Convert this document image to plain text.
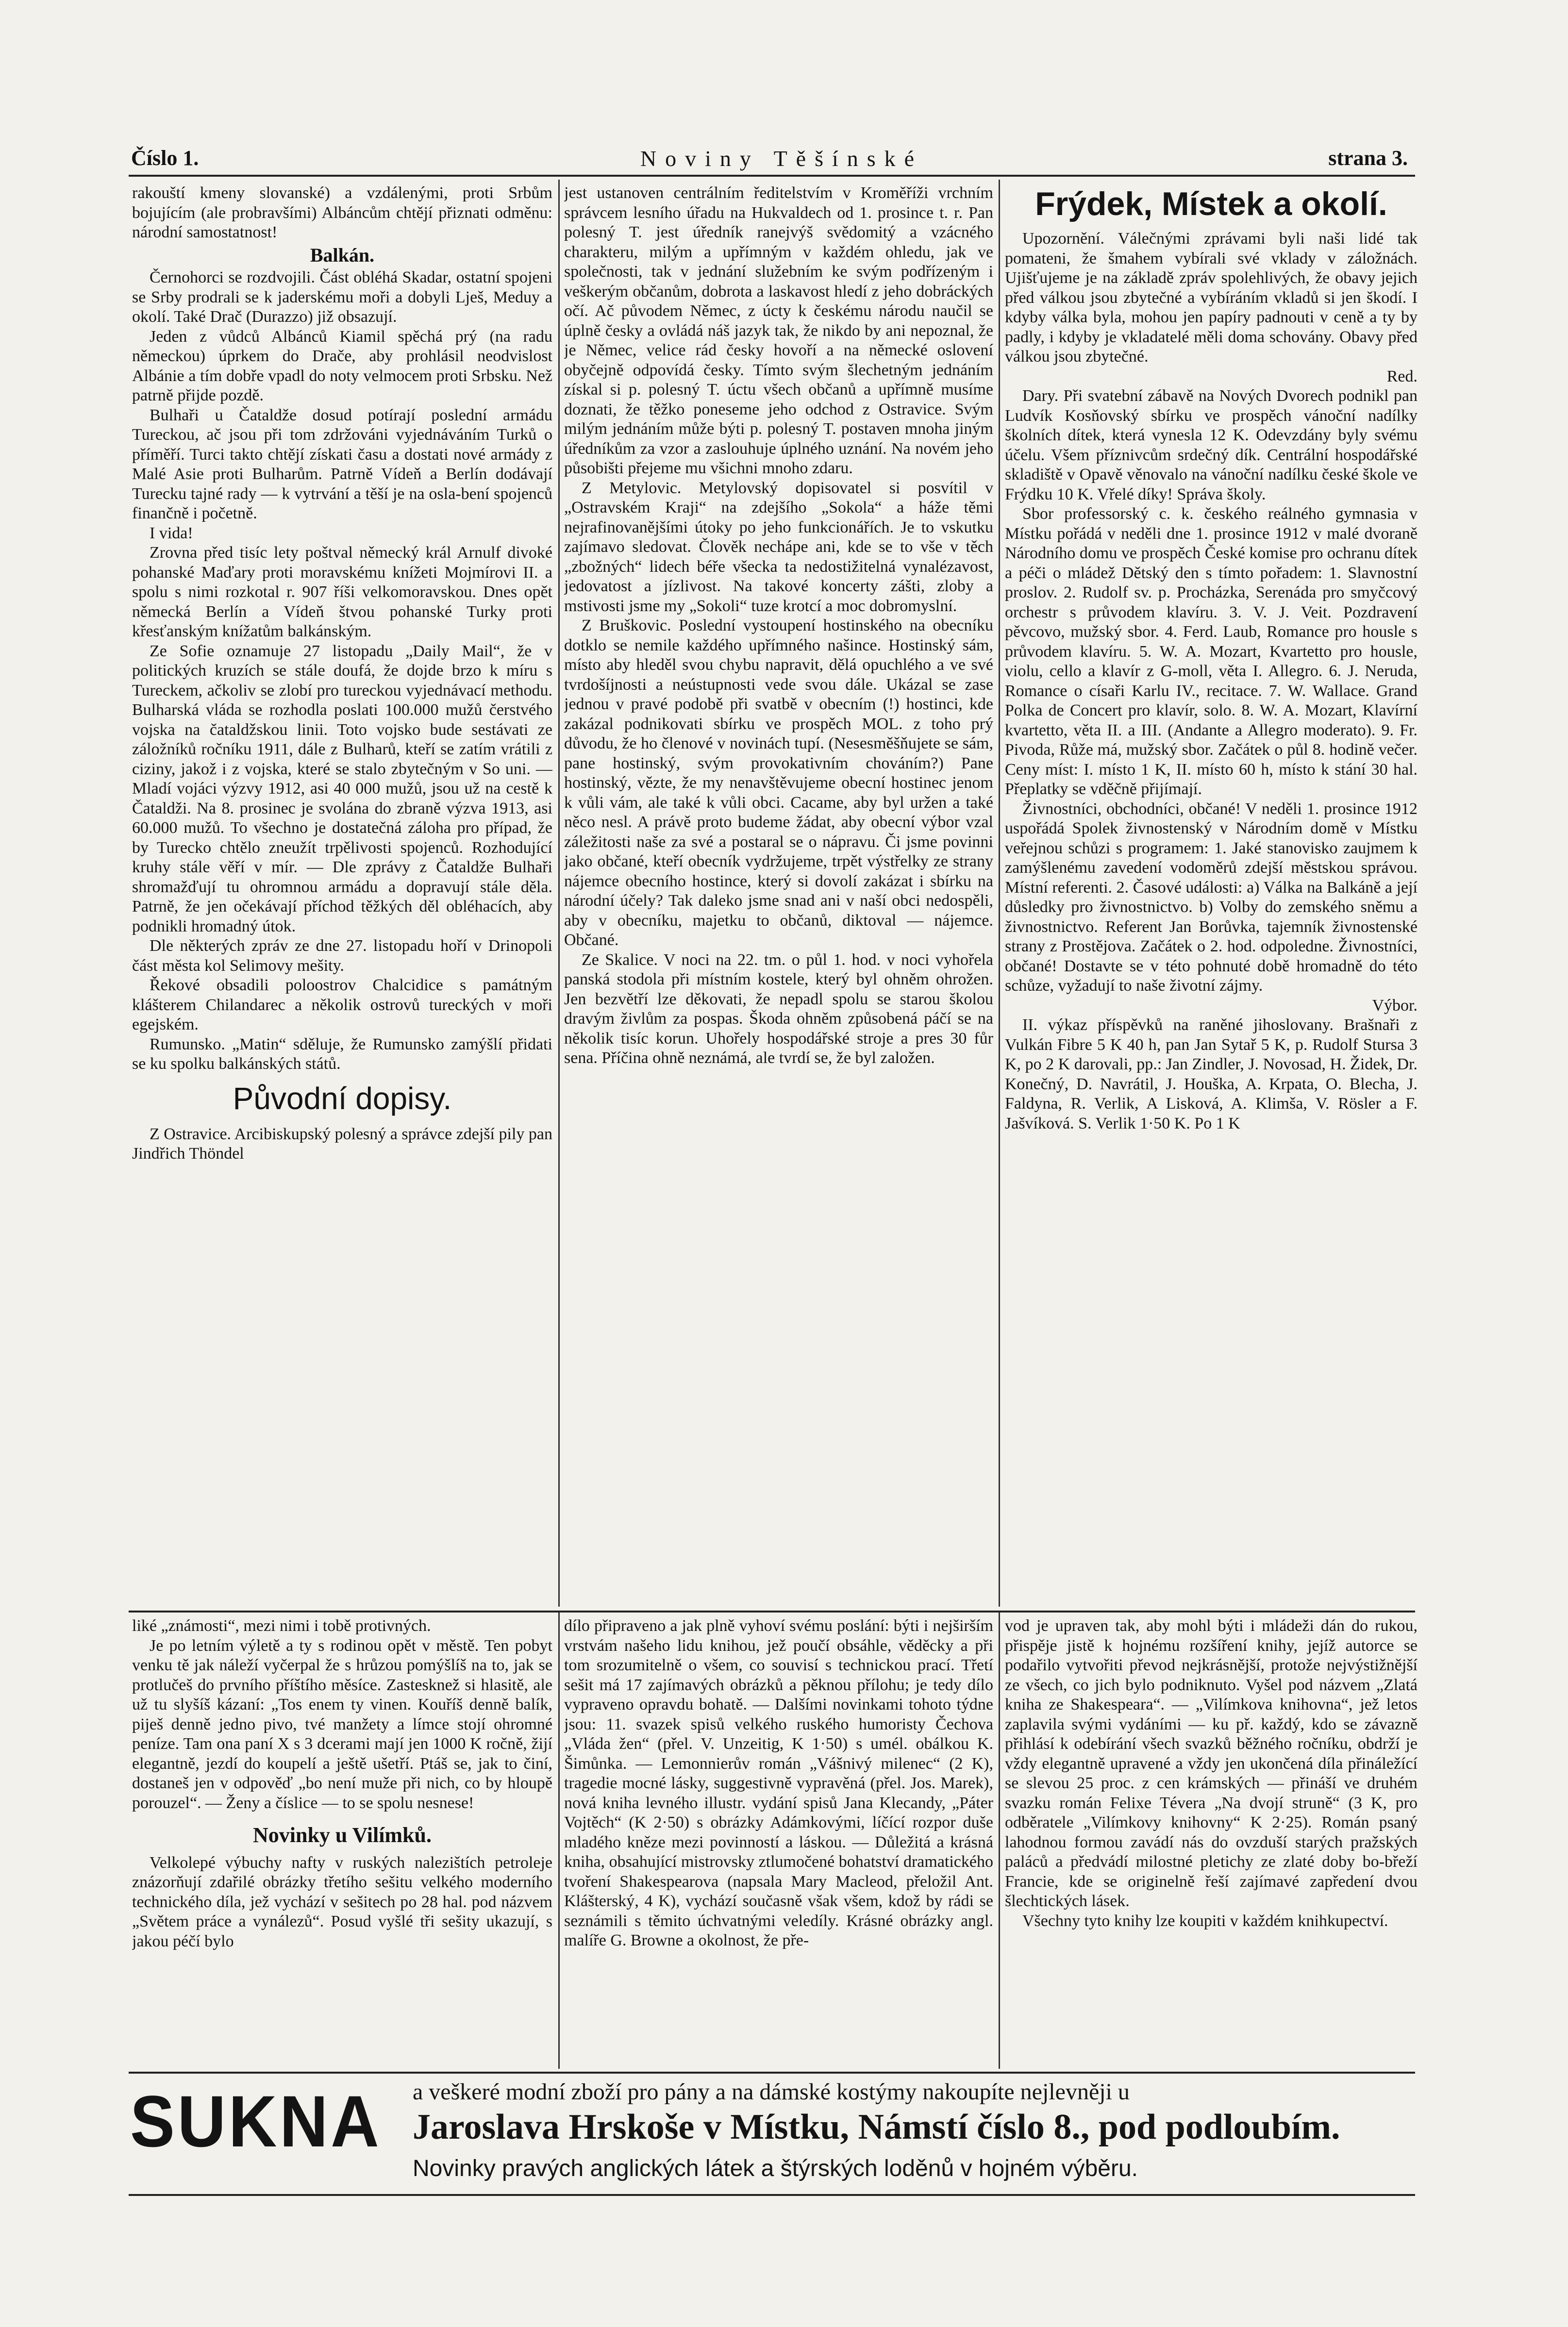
Číslo 1.	Noviny Těšínské	strana 3.

rakouští kmeny slovanské) a vzdálenými, proti Srbům bojujícím (ale probravšími) Albáncům chtějí přiznati odměnu: národní samostatnost!

Balkán.

Černohorci se rozdvojili. Část obléhá Skadar, ostatní spojeni se Srby prodrali se k jaderskému moři a dobyli Lješ, Meduy a okolí. Také Drač (Durazzo) již obsazují.

Jeden z vůdců Albánců Kiamil spěchá prý (na radu německou) úprkem do Drače, aby prohlásil neodvislost Albánie a tím dobře vpadl do noty velmocem proti Srbsku. Než patrně přijde pozdě.

Bulhaři u Čataldže dosud potírají poslední armádu Tureckou, ač jsou při tom zdržováni vyjednáváním Turků o příměří. Turci takto chtějí získati času a dostati nové armády z Malé Asie proti Bulharům. Patrně Vídeň a Berlín dodávají Turecku tajné rady — k vytrvání a těší je na osla-bení spojenců finančně i početně.

I vida!

Zrovna před tisíc lety poštval německý král Arnulf divoké pohanské Maďary proti moravskému knížeti Mojmírovi II. a spolu s nimi rozkotal r. 907 říši velkomoravskou. Dnes opět německá Berlín a Vídeň štvou pohanské Turky proti křesťanským knížatům balkánským.

Ze Sofie oznamuje 27 listopadu „Daily Mail“, že v politických kruzích se stále doufá, že dojde brzo k míru s Tureckem, ačkoliv se zlobí pro tureckou vyjednávací methodu. Bulharská vláda se rozhodla poslati 100.000 mužů čerstvého vojska na čataldžskou linii. Toto vojsko bude sestávati ze záložníků ročníku 1911, dále z Bulharů, kteří se zatím vrátili z ciziny, jakož i z vojska, které se stalo zbytečným v So uni. — Mladí vojáci výzvy 1912, asi 40 000 mužů, jsou už na cestě k Čataldži. Na 8. prosinec je svolána do zbraně výzva 1913, asi 60.000 mužů. To všechno je dostatečná záloha pro případ, že by Turecko chtělo zneužít trpělivosti spojenců. Rozhodující kruhy stále věří v mír. — Dle zprávy z Čataldže Bulhaři shromažďují tu ohromnou armádu a dopravují stále děla. Patrně, že jen očekávají příchod těžkých děl obléhacích, aby podnikli hromadný útok.

Dle některých zpráv ze dne 27. listopadu hoří v Drinopoli část města kol Selimovy mešity.

Řekové obsadili poloostrov Chalcidice s památným klášterem Chilandarec a několik ostrovů tureckých v moři egejském.

Rumunsko. „Matin“ sděluje, že Rumunsko zamýšlí přidati se ku spolku balkánských států.

Původní dopisy.

Z Ostravice. Arcibiskupský polesný a správce zdejší pily pan Jindřich Thöndel

jest ustanoven centrálním ředitelstvím v Kroměříži vrchním správcem lesního úřadu na Hukvaldech od 1. prosince t. r. Pan polesný T. jest úředník ranejvýš svědomitý a vzácného charakteru, milým a upřímným v každém ohledu, jak ve společnosti, tak v jednání služebním ke svým podřízeným i veškerým občanům, dobrota a laskavost hledí z jeho dobráckých očí. Ač původem Němec, z úcty k českému národu naučil se úplně česky a ovládá náš jazyk tak, že nikdo by ani nepoznal, že je Němec, velice rád česky hovoří a na německé oslovení obyčejně odpovídá česky. Tímto svým šlechetným jednáním získal si p. polesný T. úctu všech občanů a upřímně musíme doznati, že těžko poneseme jeho odchod z Ostravice. Svým milým jednáním může býti p. polesný T. postaven mnoha jiným úředníkům za vzor a zaslouhuje úplného uznání. Na novém jeho působišti přejeme mu všichni mnoho zdaru.

Z Metylovic. Metylovský dopisovatel si posvítil v „Ostravském Kraji“ na zdejšího „Sokola“ a háže těmi nejrafinovanějšími útoky po jeho funkcionářích. Je to vskutku zajímavo sledovat. Člověk nechápe ani, kde se to vše v těch „zbožných“ lidech béře všecka ta nedostižitelná vynalézavost, jedovatost a jízlivost. Na takové koncerty zášti, zloby a mstivosti jsme my „Sokoli“ tuze krotcí a moc dobromyslní.

Z Bruškovic. Poslední vystoupení hostinského na obecníku dotklo se nemile každého upřímného našince. Hostinský sám, místo aby hleděl svou chybu napravit, dělá opuchlého a ve své tvrdošíjnosti a neústupnosti vede svou dále. Ukázal se zase jednou v pravé podobě při svatbě v obecním (!) hostinci, kde zakázal podnikovati sbírku ve prospěch MOL. z toho prý důvodu, že ho členové v novinách tupí. (Nesesměšňujete se sám, pane hostinský, svým provokativním chováním?) Pane hostinský, vězte, že my nenavštěvujeme obecní hostinec jenom k vůli vám, ale také k vůli obci. Cacame, aby byl uržen a také něco nesl. A právě proto budeme žádat, aby obecní výbor vzal záležitosti naše za své a postaral se o nápravu. Či jsme povinni jako občané, kteří obecník vydržujeme, trpět výstřelky ze strany nájemce obecního hostince, který si dovolí zakázat i sbírku na národní účely? Tak daleko jsme snad ani v naší obci nedospěli, aby v obecníku, majetku to občanů, diktoval — nájemce. Občané.

Ze Skalice. V noci na 22. tm. o půl 1. hod. v noci vyhořela panská stodola při místním kostele, který byl ohněm ohrožen. Jen bezvětří lze děkovati, že nepadl spolu se starou školou dravým živlům za pospas. Škoda ohněm způsobená páčí se na několik tisíc korun. Uhořely hospodářské stroje a pres 30 fůr sena. Příčina ohně neznámá, ale tvrdí se, že byl založen.

Frýdek, Místek a okolí.

Upozornění. Válečnými zprávami byli naši lidé tak pomateni, že šmahem vybírali své vklady v záložnách. Ujišťujeme je na základě zpráv spolehlivých, že obavy jejich před válkou jsou zbytečné a vybíráním vkladů si jen škodí. I kdyby válka byla, mohou jen papíry padnouti v ceně a ty by padly, i kdyby je vkladatelé měli doma schovány. Obavy před válkou jsou zbytečné.

Red.

Dary. Při svatební zábavě na Nových Dvorech podnikl pan Ludvík Kosňovský sbírku ve prospěch vánoční nadílky školních dítek, která vynesla 12 K. Odevzdány byly svému účelu. Všem příznivcům srdečný dík. Centrální hospodářské skladiště v Opavě věnovalo na vánoční nadílku české škole ve Frýdku 10 K. Vřelé díky! Správa školy.

Sbor professorský c. k. českého reálného gymnasia v Místku pořádá v neděli dne 1. prosince 1912 v malé dvoraně Národního domu ve prospěch České komise pro ochranu dítek a péči o mládež Dětský den s tímto pořadem: 1. Slavnostní proslov. 2. Rudolf sv. p. Procházka, Serenáda pro smyčcový orchestr s průvodem klavíru. 3. V. J. Veit. Pozdravení pěvcovo, mužský sbor. 4. Ferd. Laub, Romance pro housle s průvodem klavíru. 5. W. A. Mozart, Kvartetto pro housle, violu, cello a klavír z G-moll, věta I. Allegro. 6. J. Neruda, Romance o císaři Karlu IV., recitace. 7. W. Wallace. Grand Polka de Concert pro klavír, solo. 8. W. A. Mozart, Klavírní kvartetto, věta II. a III. (Andante a Allegro moderato). 9. Fr. Pivoda, Růže má, mužský sbor. Začátek o půl 8. hodině večer. Ceny míst: I. místo 1 K, II. místo 60 h, místo k stání 30 hal. Přeplatky se vděčně přijímají.

Živnostníci, obchodníci, občané! V neděli 1. prosince 1912 uspořádá Spolek živnostenský v Národním domě v Místku veřejnou schůzi s programem: 1. Jaké stanovisko zaujmem k zamýšlenému zavedení vodoměrů zdejší městskou správou. Místní referenti. 2. Časové události: a) Válka na Balkáně a její důsledky pro živnostnictvo. b) Volby do zemského sněmu a živnostnictvo. Referent Jan Borůvka, tajemník živnostenské strany z Prostějova. Začátek o 2. hod. odpoledne. Živnostníci, občané! Dostavte se v této pohnuté době hromadně do této schůze, vyžadují to naše životní zájmy.

Výbor.

II. výkaz příspěvků na raněné jihoslovany. Brašnaři z Vulkán Fibre 5 K 40 h, pan Jan Sytař 5 K, p. Rudolf Stursa 3 K, po 2 K darovali, pp.: Jan Zindler, J. Novosad, H. Židek, Dr. Konečný, D. Navrátil, J. Houška, A. Krpata, O. Blecha, J. Faldyna, R. Verlik, A Lisková, A. Klimša, V. Rösler a F. Jašvíková. S. Verlik 1·50 K. Po 1 K

liké „známosti“, mezi nimi i tobě protivných.

Je po letním výletě a ty s rodinou opět v městě. Ten pobyt venku tě jak náleží vyčerpal že s hrůzou pomýšlíš na to, jak se protlučeš do prvního příštího měsíce. Zastesknež si hlasitě, ale už tu slyšíš kázaní: „Tos enem ty vinen. Kouříš denně balík, piješ denně jedno pivo, tvé manžety a límce stojí ohromné peníze. Tam ona paní X s 3 dcerami mají jen 1000 K ročně, žijí elegantně, jezdí do koupelí a ještě ušetří. Ptáš se, jak to činí, dostaneš jen v odpověď „bo není muže při nich, co by hloupě porouzel“. — Ženy a číslice — to se spolu nesnese!

Novinky u Vilímků.

Velkolepé výbuchy nafty v ruských nalezištích petroleje znázorňují zdařilé obrázky třetího sešitu velkého moderního technického díla, jež vychází v sešitech po 28 hal. pod názvem „Světem práce a vynálezů“. Posud vyšlé tři sešity ukazují, s jakou péčí bylo

dílo připraveno a jak plně vyhoví svému poslání: býti i nejširším vrstvám našeho lidu knihou, jež poučí obsáhle, věděcky a při tom srozumitelně o všem, co souvisí s technickou prací. Třetí sešit má 17 zajímavých obrázků a pěknou přílohu; je tedy dílo vypraveno opravdu bohatě. — Dalšími novinkami tohoto týdne jsou: 11. svazek spisů velkého ruského humoristy Čechova „Vláda žen“ (přel. V. Unzeitig, K 1·50) s umél. obálkou K. Šimůnka. — Lemonnierův román „Vášnivý milenec“ (2 K), tragedie mocné lásky, suggestivně vypravěná (přel. Jos. Marek), nová kniha levného illustr. vydání spisů Jana Klecandy, „Páter Vojtěch“ (K 2·50) s obrázky Adámkovými, líčící rozpor duše mladého kněze mezi povinností a láskou. — Důležitá a krásná kniha, obsahující mistrovsky ztlumočené bohatství dramatického tvoření Shakespearova (napsala Mary Macleod, přeložil Ant. Klášterský, 4 K), vychází současně však všem, kdož by rádi se seznámili s těmito úchvatnými veledíly. Krásné obrázky angl. malíře G. Browne a okolnost, že pře-

vod je upraven tak, aby mohl býti i mládeži dán do rukou, přispěje jistě k hojnému rozšíření knihy, jejíž autorce se podařilo vytvořiti převod nejkrásnější, protože nejvýstižnější ze všech, co jich bylo podniknuto. Vyšel pod názvem „Zlatá kniha ze Shakespeara“. — „Vilímkova knihovna“, jež letos zaplavila svými vydáními — ku př. každý, kdo se závazně přihlásí k odebírání všech svazků běžného ročníku, obdrží je vždy elegantně upravené a vždy jen ukončená díla přináležící se slevou 25 proc. z cen krámských — přináší ve druhém svazku román Felixe Tévera „Na dvojí struně“ (3 K, pro odběratele „Vilímkovy knihovny“ K 2·25). Román psaný lahodnou formou zavádí nás do ovzduší starých pražských paláců a předvádí milostné pletichy ze zlaté doby bo-břeží Francie, kde se originelně řeší zajímavé zapředení dvou šlechtických lásek.

Všechny tyto knihy lze koupiti v každém knihkupectví.

SUKNA a veškeré modní zboží pro pány a na dámské kostýmy nakoupíte nejlevněji u
Jaroslava Hrskoše v Místku, Námstí číslo 8., pod podloubím.
Novinky pravých anglických látek a štýrských loděnů v hojném výběru.
